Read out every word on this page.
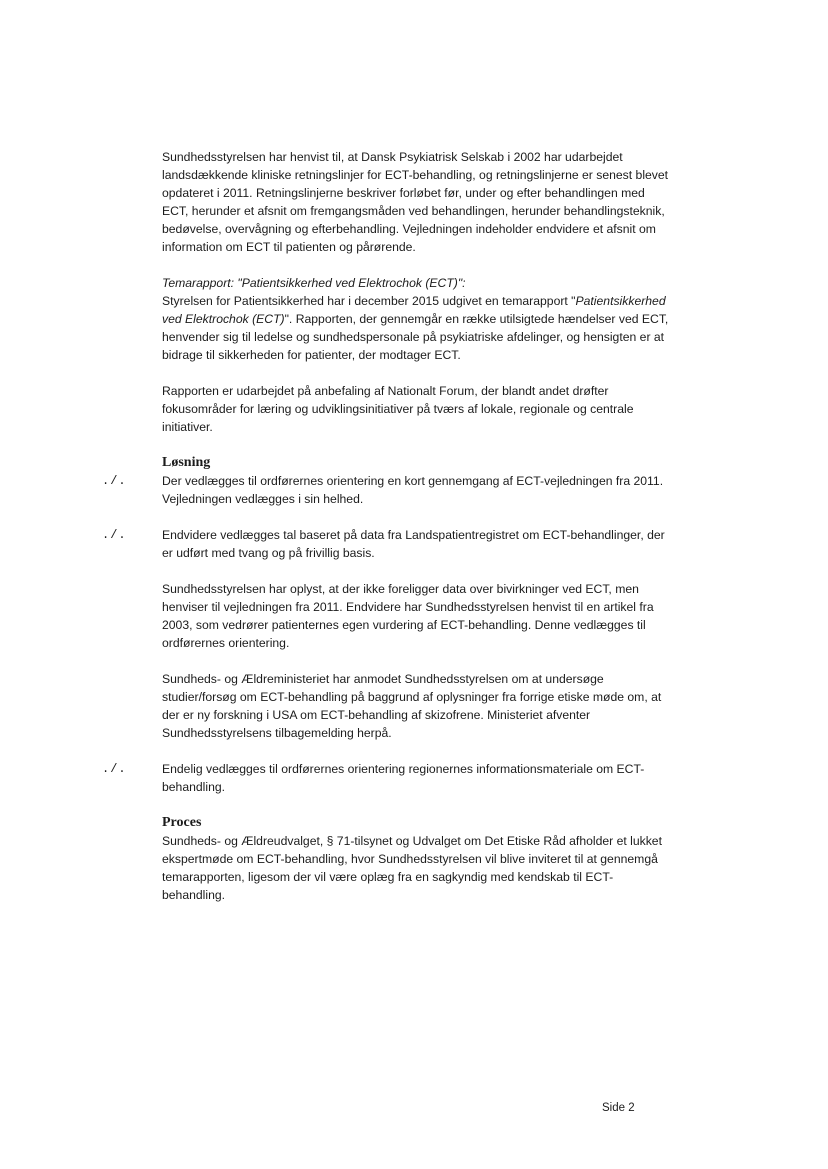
Sundhedsstyrelsen har henvist til, at Dansk Psykiatrisk Selskab i 2002 har udarbejdet landsdækkende kliniske retningslinjer for ECT-behandling, og retningslinjerne er senest blevet opdateret i 2011. Retningslinjerne beskriver forløbet før, under og efter behandlingen med ECT, herunder et afsnit om fremgangsmåden ved behandlingen, herunder behandlingsteknik, bedøvelse, overvågning og efterbehandling. Vejledningen indeholder endvidere et afsnit om information om ECT til patienten og pårørende.

Temarapport: "Patientsikkerhed ved Elektrochok (ECT)":
Styrelsen for Patientsikkerhed har i december 2015 udgivet en temarapport "Patientsikkerhed ved Elektrochok (ECT)". Rapporten, der gennemgår en række utilsigtede hændelser ved ECT, henvender sig til ledelse og sundhedspersonale på psykiatriske afdelinger, og hensigten er at bidrage til sikkerheden for patienter, der modtager ECT.

Rapporten er udarbejdet på anbefaling af Nationalt Forum, der blandt andet drøfter fokusområder for læring og udviklingsinitiativer på tværs af lokale, regionale og centrale initiativer.

Løsning
./.	Der vedlægges til ordførernes orientering en kort gennemgang af ECT-vejledningen fra 2011. Vejledningen vedlægges i sin helhed.
./.	Endvidere vedlægges tal baseret på data fra Landspatientregistret om ECT-behandlinger, der er udført med tvang og på frivillig basis.

Sundhedsstyrelsen har oplyst, at der ikke foreligger data over bivirkninger ved ECT, men henviser til vejledningen fra 2011. Endvidere har Sundhedsstyrelsen henvist til en artikel fra 2003, som vedrører patienternes egen vurdering af ECT-behandling. Denne vedlægges til ordførernes orientering.

Sundheds- og Ældreministeriet har anmodet Sundhedsstyrelsen om at undersøge studier/forsøg om ECT-behandling på baggrund af oplysninger fra forrige etiske møde om, at der er ny forskning i USA om ECT-behandling af skizofrene. Ministeriet afventer Sundhedsstyrelsens tilbagemelding herpå.

./.	Endelig vedlægges til ordførernes orientering regionernes informationsmateriale om ECT-behandling.
Proces

Sundheds- og Ældreudvalget, § 71-tilsynet og Udvalget om Det Etiske Råd afholder et lukket ekspertmøde om ECT-behandling, hvor Sundhedsstyrelsen vil blive inviteret til at gennemgå temarapporten, ligesom der vil være oplæg fra en sagkyndig med kendskab til ECT-behandling.

Side 2
